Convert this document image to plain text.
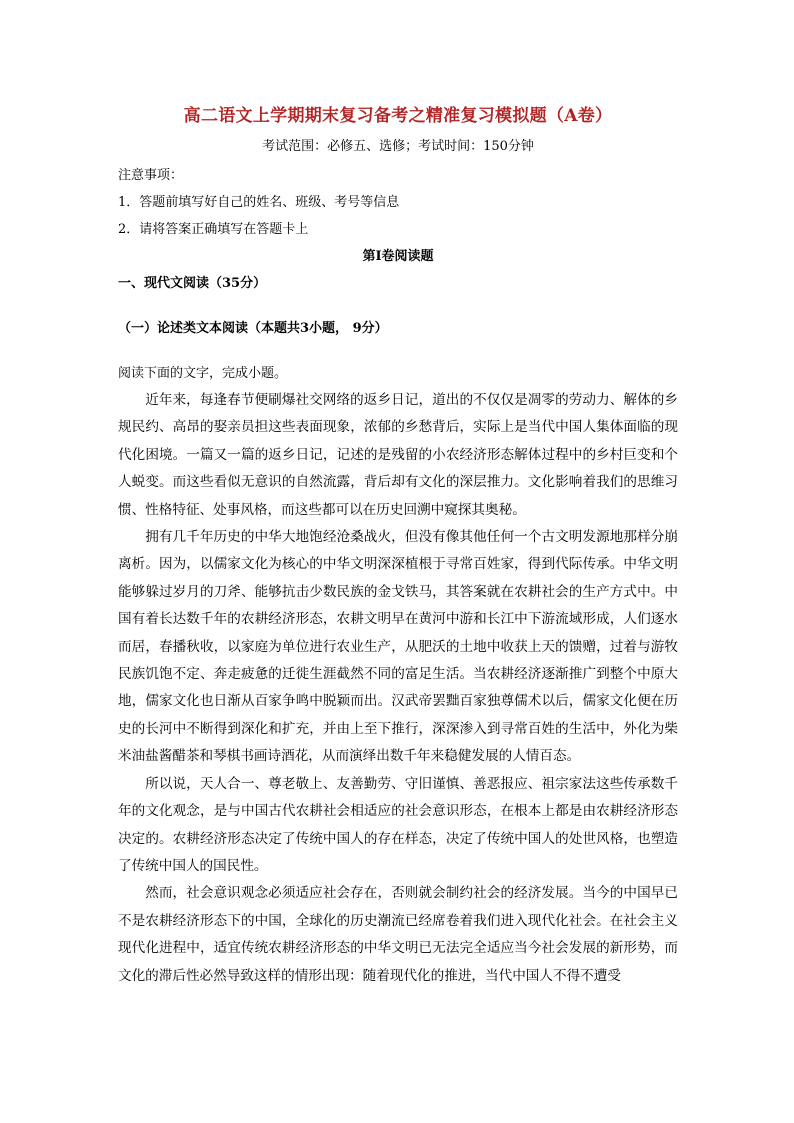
高二语文上学期期末复习备考之精准复习模拟题（A卷）
考试范围：必修五、选修；考试时间：150分钟
注意事项：
1．答题前填写好自己的姓名、班级、考号等信息
2．请将答案正确填写在答题卡上
第I卷阅读题
一、现代文阅读（35分）
（一）论述类文本阅读（本题共3小题， 9分）
阅读下面的文字，完成小题。

近年来，每逢春节便刷爆社交网络的返乡日记，道出的不仅仅是凋零的劳动力、解体的乡规民约、高昂的娶亲员担这些表面现象，浓郁的乡愁背后，实际上是当代中国人集体面临的现代化困境。一篇又一篇的返乡日记，记述的是残留的小农经济形态解体过程中的乡村巨变和个人蜕变。而这些看似无意识的自然流露，背后却有文化的深层推力。文化影响着我们的思维习惯、性格特征、处事风格，而这些都可以在历史回溯中窥探其奥秘。

拥有几千年历史的中华大地饱经沧桑战火，但没有像其他任何一个古文明发源地那样分崩离析。因为，以儒家文化为核心的中华文明深深植根于寻常百姓家，得到代际传承。中华文明能够躲过岁月的刀斧、能够抗击少数民族的金戈铁马，其答案就在农耕社会的生产方式中。中国有着长达数千年的农耕经济形态，农耕文明早在黄河中游和长江中下游流域形成，人们逐水而居，春播秋收，以家庭为单位进行农业生产，从肥沃的土地中收获上天的馈赠，过着与游牧民族饥饱不定、奔走疲惫的迁徙生涯截然不同的富足生活。当农耕经济逐渐推广到整个中原大地，儒家文化也日渐从百家争鸣中脱颖而出。汉武帝罢黜百家独尊儒术以后，儒家文化便在历史的长河中不断得到深化和扩充，并由上至下推行，深深渗入到寻常百姓的生活中，外化为柴米油盐酱醋茶和琴棋书画诗酒花，从而演绎出数千年来稳健发展的人情百态。

所以说，天人合一、尊老敬上、友善勤劳、守旧谨慎、善恶报应、祖宗家法这些传承数千年的文化观念，是与中国古代农耕社会相适应的社会意识形态，在根本上都是由农耕经济形态决定的。农耕经济形态决定了传统中国人的存在样态，决定了传统中国人的处世风格，也塑造了传统中国人的国民性。

然而，社会意识观念必须适应社会存在，否则就会制约社会的经济发展。当今的中国早已不是农耕经济形态下的中国，全球化的历史潮流已经席卷着我们进入现代化社会。在社会主义现代化进程中，适宜传统农耕经济形态的中华文明已无法完全适应当今社会发展的新形势，而文化的滞后性必然导致这样的情形出现：随着现代化的推进，当代中国人不得不遭受
